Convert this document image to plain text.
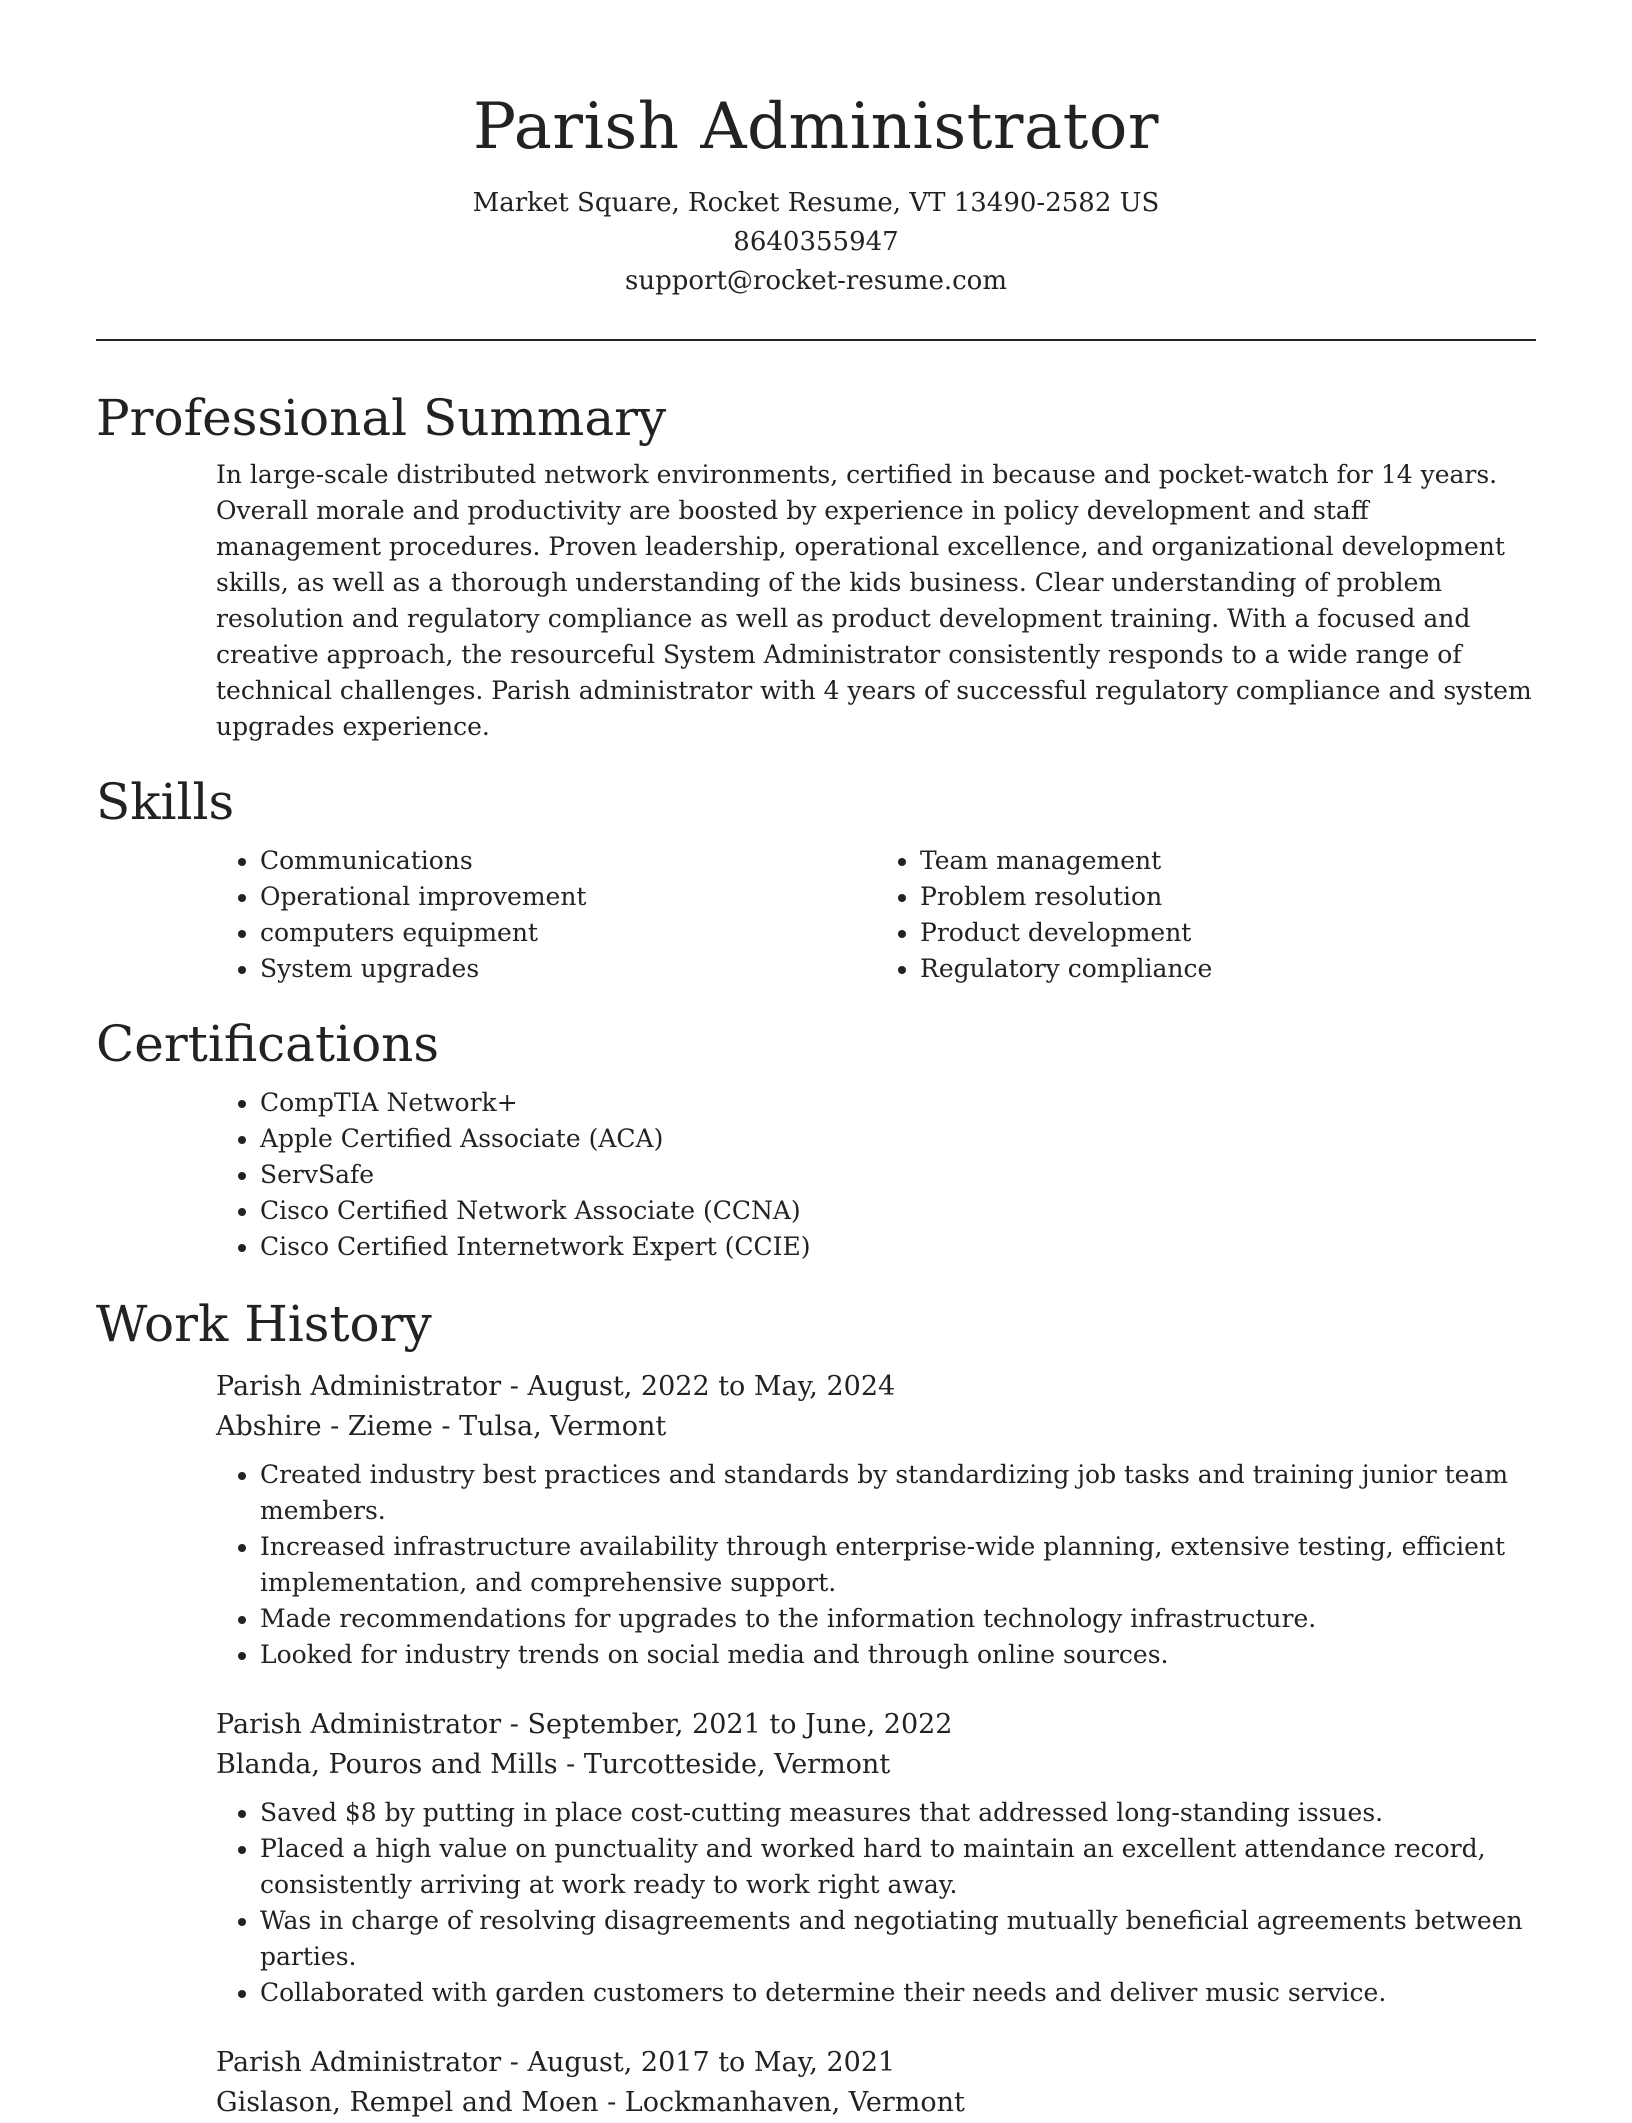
Parish Administrator
Market Square, Rocket Resume, VT 13490-2582 US
8640355947
support@rocket-resume.com
Professional Summary

In large-scale distributed network environments, certified in because and pocket-watch for 14 years. Overall morale and productivity are boosted by experience in policy development and staff management procedures. Proven leadership, operational excellence, and organizational development skills, as well as a thorough understanding of the kids business. Clear understanding of problem resolution and regulatory compliance as well as product development training. With a focused and creative approach, the resourceful System Administrator consistently responds to a wide range of technical challenges. Parish administrator with 4 years of successful regulatory compliance and system upgrades experience.

Skills
• Communications
• Operational improvement
• computers equipment
• System upgrades
• Team management
• Problem resolution
• Product development
• Regulatory compliance
Certifications
• CompTIA Network+
• Apple Certified Associate (ACA)
• ServSafe
• Cisco Certified Network Associate (CCNA)
• Cisco Certified Internetwork Expert (CCIE)
Work History
Parish Administrator - August, 2022 to May, 2024
Abshire - Zieme - Tulsa, Vermont
• Created industry best practices and standards by standardizing job tasks and training junior team members.
• Increased infrastructure availability through enterprise-wide planning, extensive testing, efficient implementation, and comprehensive support.
• Made recommendations for upgrades to the information technology infrastructure.
• Looked for industry trends on social media and through online sources.
Parish Administrator - September, 2021 to June, 2022
Blanda, Pouros and Mills - Turcotteside, Vermont
• Saved $8 by putting in place cost-cutting measures that addressed long-standing issues.
• Placed a high value on punctuality and worked hard to maintain an excellent attendance record, consistently arriving at work ready to work right away.
• Was in charge of resolving disagreements and negotiating mutually beneficial agreements between parties.
• Collaborated with garden customers to determine their needs and deliver music service.
Parish Administrator - August, 2017 to May, 2021
Gislason, Rempel and Moen - Lockmanhaven, Vermont
